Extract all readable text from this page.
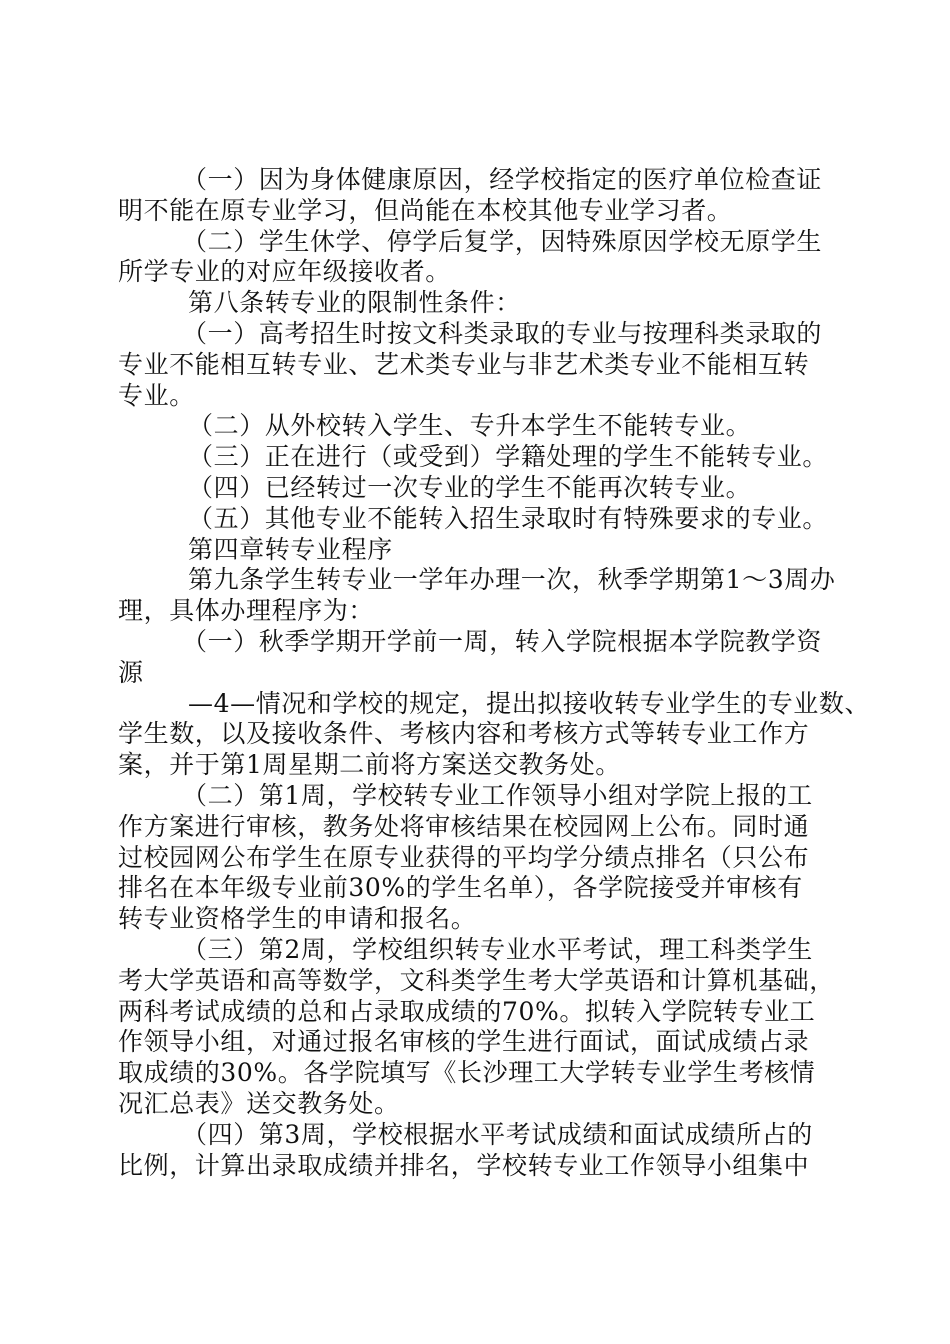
（一）因为身体健康原因，经学校指定的医疗单位检查证
明不能在原专业学习，但尚能在本校其他专业学习者。
（二）学生休学、停学后复学，因特殊原因学校无原学生
所学专业的对应年级接收者。
第八条转专业的限制性条件：
（一）高考招生时按文科类录取的专业与按理科类录取的
专业不能相互转专业、艺术类专业与非艺术类专业不能相互转
专业。
（二）从外校转入学生、专升本学生不能转专业。
（三）正在进行（或受到）学籍处理的学生不能转专业。
（四）已经转过一次专业的学生不能再次转专业。
（五）其他专业不能转入招生录取时有特殊要求的专业。
第四章转专业程序
第九条学生转专业一学年办理一次，秋季学期第1～3周办
理，具体办理程序为：
（一）秋季学期开学前一周，转入学院根据本学院教学资
源
—4—情况和学校的规定，提出拟接收转专业学生的专业数、
学生数，以及接收条件、考核内容和考核方式等转专业工作方
案，并于第1周星期二前将方案送交教务处。
（二）第1周，学校转专业工作领导小组对学院上报的工
作方案进行审核，教务处将审核结果在校园网上公布。同时通
过校园网公布学生在原专业获得的平均学分绩点排名（只公布
排名在本年级专业前30%的学生名单），各学院接受并审核有
转专业资格学生的申请和报名。
（三）第2周，学校组织转专业水平考试，理工科类学生
考大学英语和高等数学，文科类学生考大学英语和计算机基础，
两科考试成绩的总和占录取成绩的70%。拟转入学院转专业工
作领导小组，对通过报名审核的学生进行面试，面试成绩占录
取成绩的30%。各学院填写《长沙理工大学转专业学生考核情
况汇总表》送交教务处。
（四）第3周，学校根据水平考试成绩和面试成绩所占的
比例，计算出录取成绩并排名，学校转专业工作领导小组集中
